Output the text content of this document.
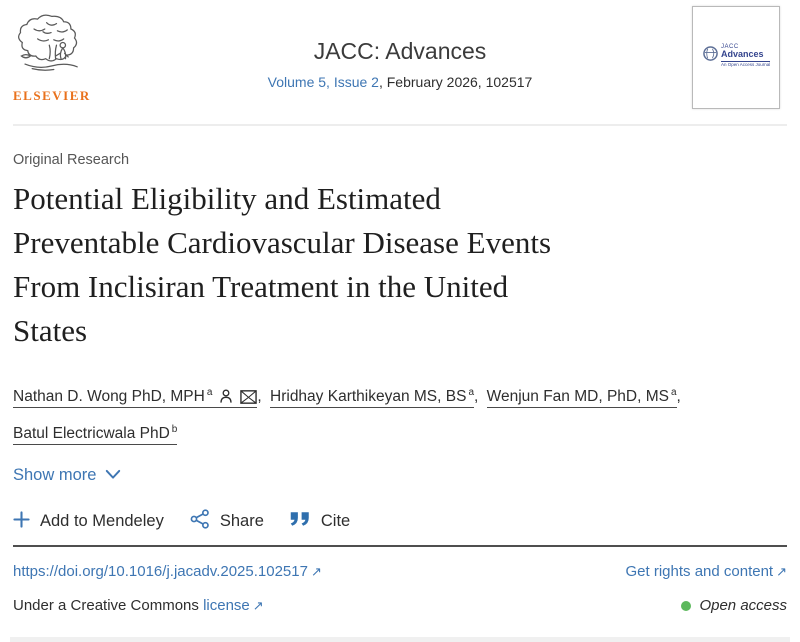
ELSEVIER
JACC: Advances
Volume 5, Issue 2, February 2026, 102517
JACC
Advances
An Open Access Journal
Original Research
Potential Eligibility and Estimated
Preventable Cardiovascular Disease Events
From Inclisiran Treatment in the United
States
Nathan D. Wong PhD, MPH $^a$	, Hridhay Karthikeyan MS, BS $^a$, Wenjun Fan MD, PhD, MS $^a$,
Batul Electricwala PhD $^b$
Show more
Add to Mendeley	Share	Cite
https://doi.org/10.1016/j.jacadv.2025.102517 ↗	Get rights and content ↗
Under a Creative Commons license ↗	Open access
